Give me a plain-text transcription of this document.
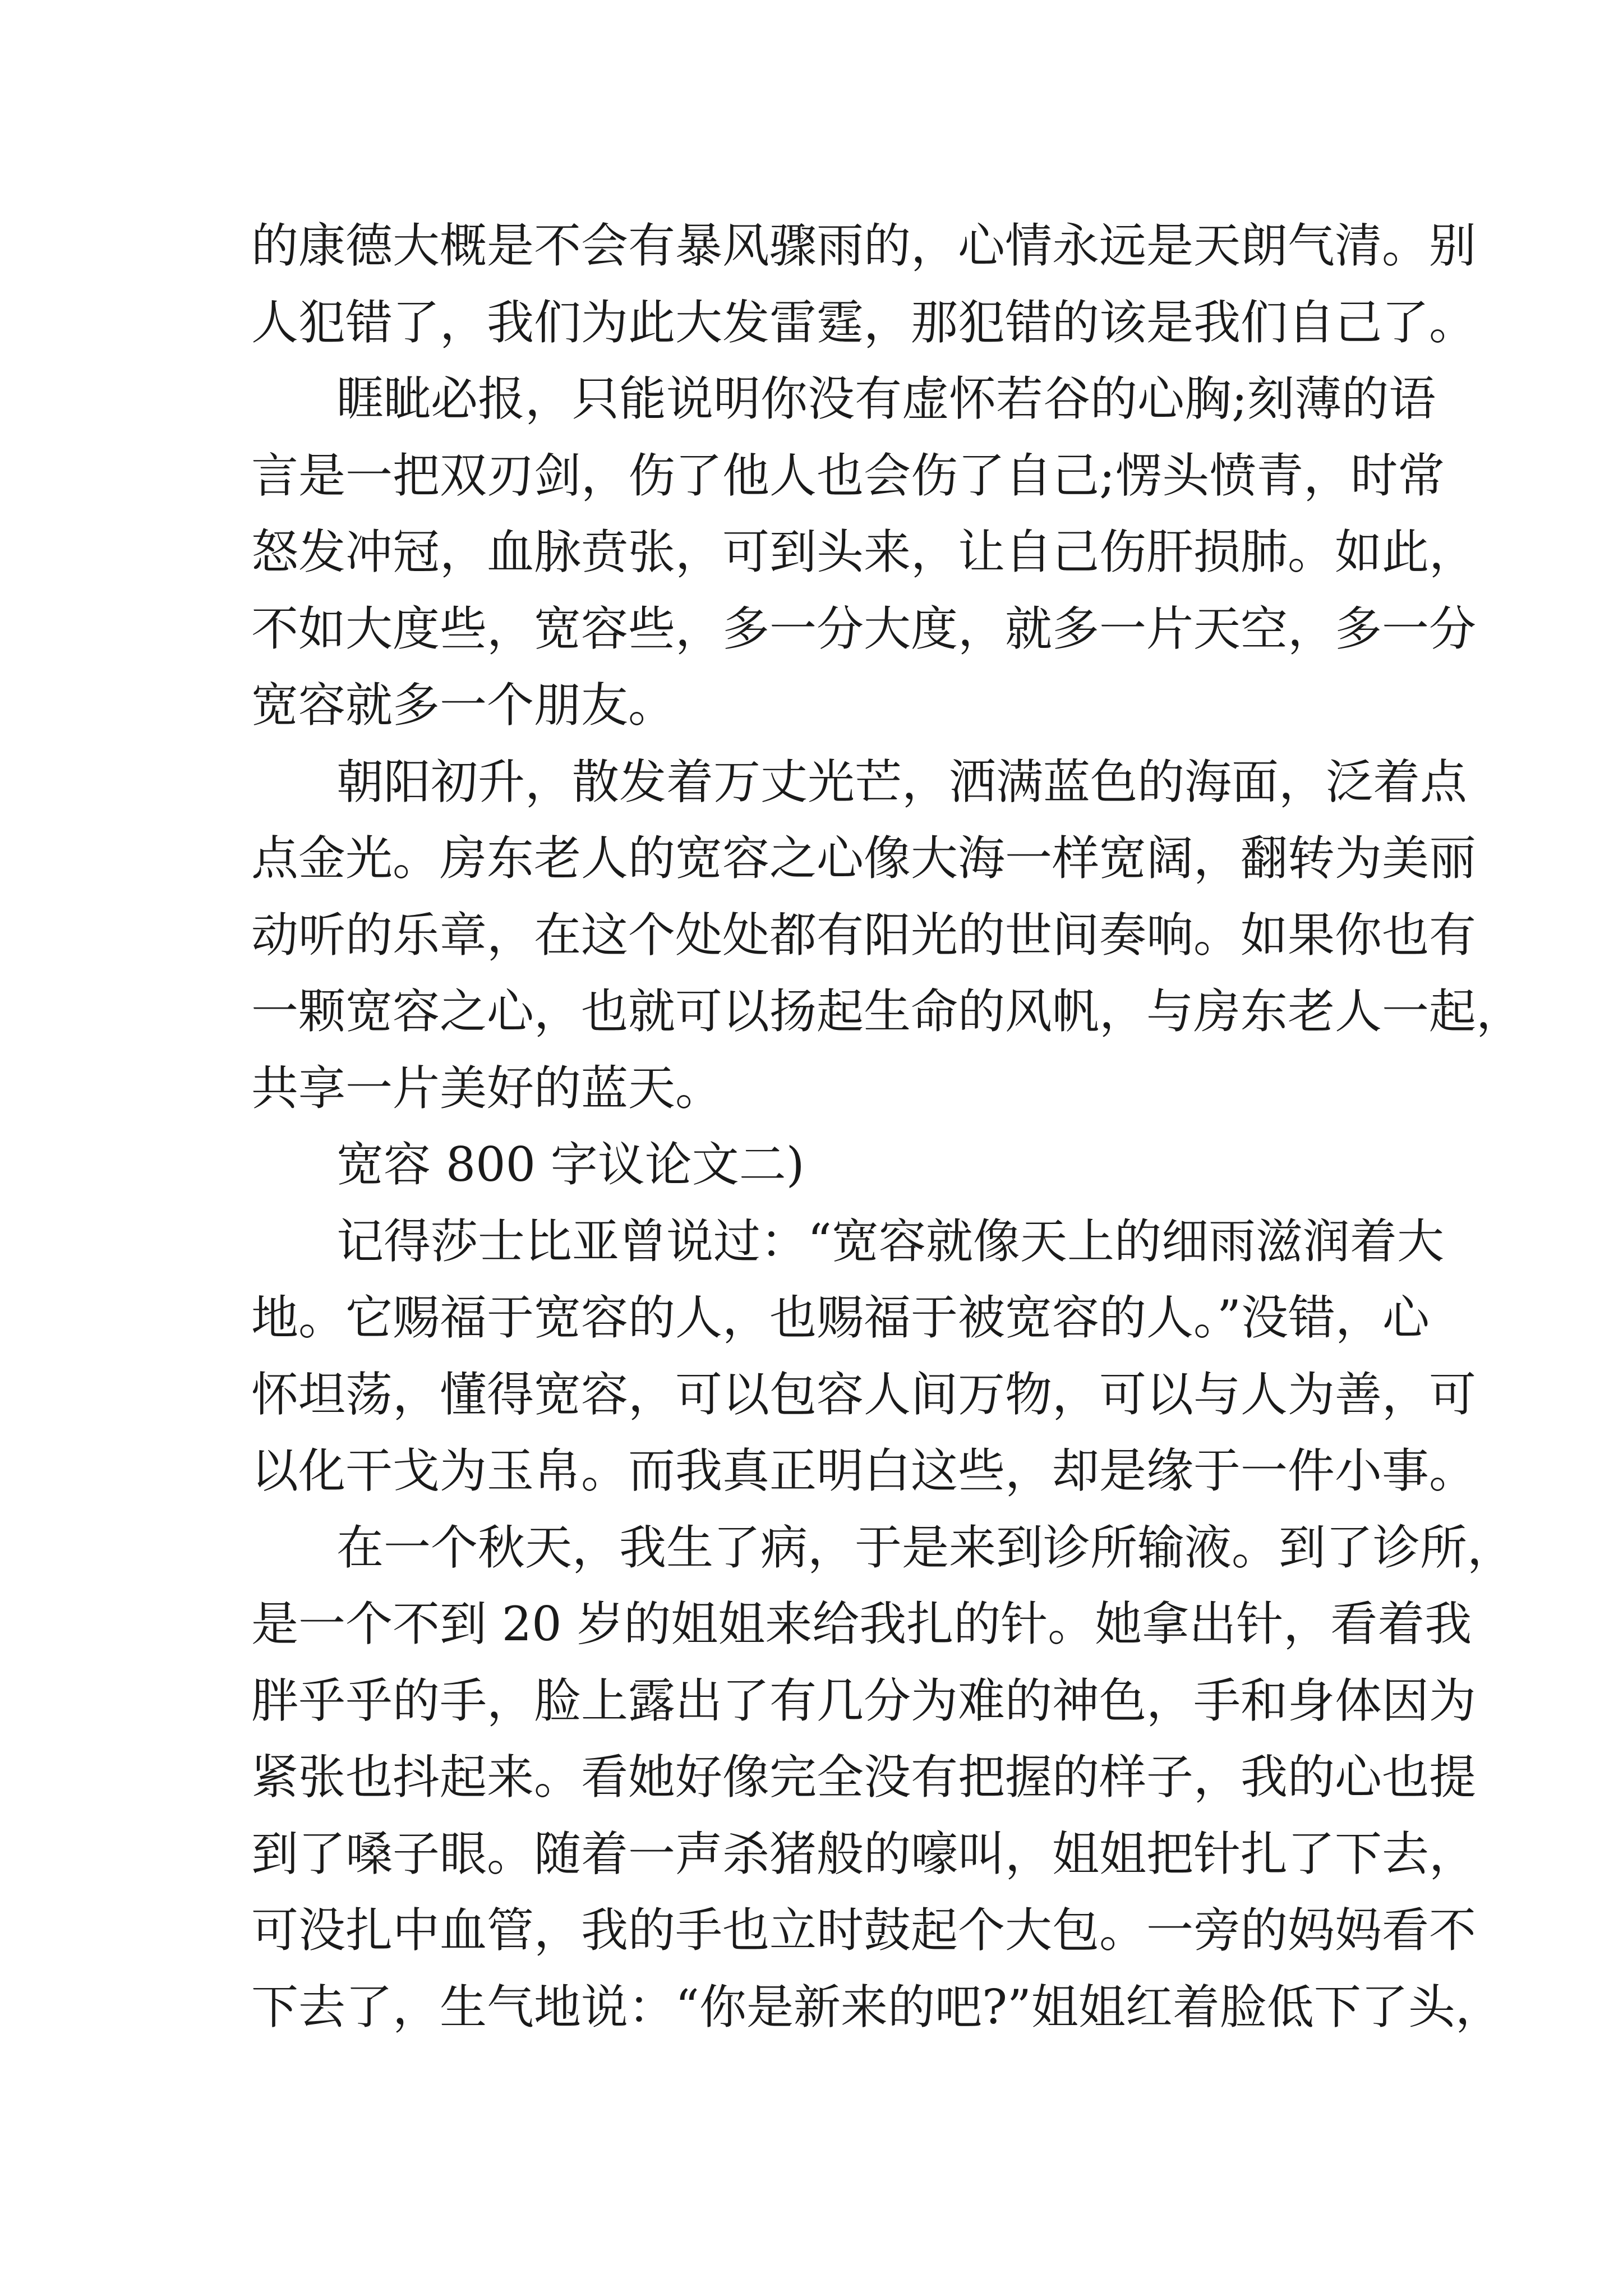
的康德大概是不会有暴风骤雨的，心情永远是天朗气清。别
人犯错了，我们为此大发雷霆，那犯错的该是我们自己了。
睚眦必报，只能说明你没有虚怀若谷的心胸;刻薄的语
言是一把双刃剑，伤了他人也会伤了自己;愣头愤青，时常
怒发冲冠，血脉贲张，可到头来，让自己伤肝损肺。如此，
不如大度些，宽容些，多一分大度，就多一片天空，多一分
宽容就多一个朋友。
朝阳初升，散发着万丈光芒，洒满蓝色的海面，泛着点
点金光。房东老人的宽容之心像大海一样宽阔，翻转为美丽
动听的乐章，在这个处处都有阳光的世间奏响。如果你也有
一颗宽容之心，也就可以扬起生命的风帆，与房东老人一起，
共享一片美好的蓝天。
宽容 800 字议论文二)
记得莎士比亚曾说过：“宽容就像天上的细雨滋润着大
地。它赐福于宽容的人，也赐福于被宽容的人。”没错，心
怀坦荡，懂得宽容，可以包容人间万物，可以与人为善，可
以化干戈为玉帛。而我真正明白这些，却是缘于一件小事。
在一个秋天，我生了病，于是来到诊所输液。到了诊所，
是一个不到 20 岁的姐姐来给我扎的针。她拿出针，看着我
胖乎乎的手，脸上露出了有几分为难的神色，手和身体因为
紧张也抖起来。看她好像完全没有把握的样子，我的心也提
到了嗓子眼。随着一声杀猪般的嚎叫，姐姐把针扎了下去，
可没扎中血管，我的手也立时鼓起个大包。一旁的妈妈看不
下去了，生气地说：“你是新来的吧?”姐姐红着脸低下了头，
